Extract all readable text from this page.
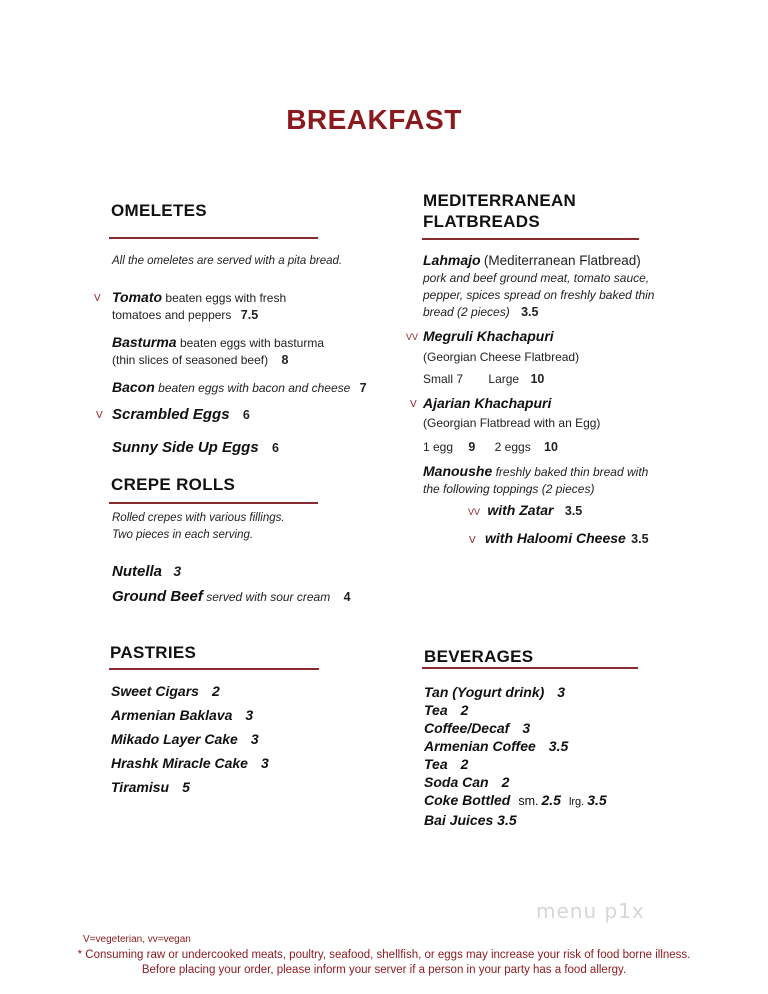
BREAKFAST
OMELETES
All the omeletes are served with a pita bread.
V Tomato beaten eggs with fresh
tomatoes and peppers 7.5
Basturma beaten eggs with basturma
(thin slices of seasoned beef) 8
Bacon beaten eggs with bacon and cheese 7
V Scrambled Eggs 6
Sunny Side Up Eggs 6
CREPE ROLLS
Rolled crepes with various fillings.
Two pieces in each serving.
Nutella 3
Ground Beef served with sour cream 4
PASTRIES
Sweet Cigars 2
Armenian Baklava 3
Mikado Layer Cake 3
Hrashk Miracle Cake 3
Tiramisu 5
MEDITERRANEAN
FLATBREADS
Lahmajo (Mediterranean Flatbread)
pork and beef ground meat, tomato sauce,
pepper, spices spread on freshly baked thin
bread (2 pieces) 3.5
VV Megruli Khachapuri
(Georgian Cheese Flatbread)
Small 7 Large 10
V Ajarian Khachapuri
(Georgian Flatbread with an Egg)
1 egg 9 2 eggs 10
Manoushe freshly baked thin bread with
the following toppings (2 pieces)
VV with Zatar 3.5
V with Haloomi Cheese 3.5
BEVERAGES
Tan (Yogurt drink) 3
Tea 2
Coffee/Decaf 3
Armenian Coffee 3.5
Tea 2
Soda Can 2
Coke Bottled sm. 2.5 lrg. 3.5
Bai Juices 3.5
menu p1x
V=vegeterian, vv=vegan
* Consuming raw or undercooked meats, poultry, seafood, shellfish, or eggs may increase your risk of food borne illness.
Before placing your order, please inform your server if a person in your party has a food allergy.
